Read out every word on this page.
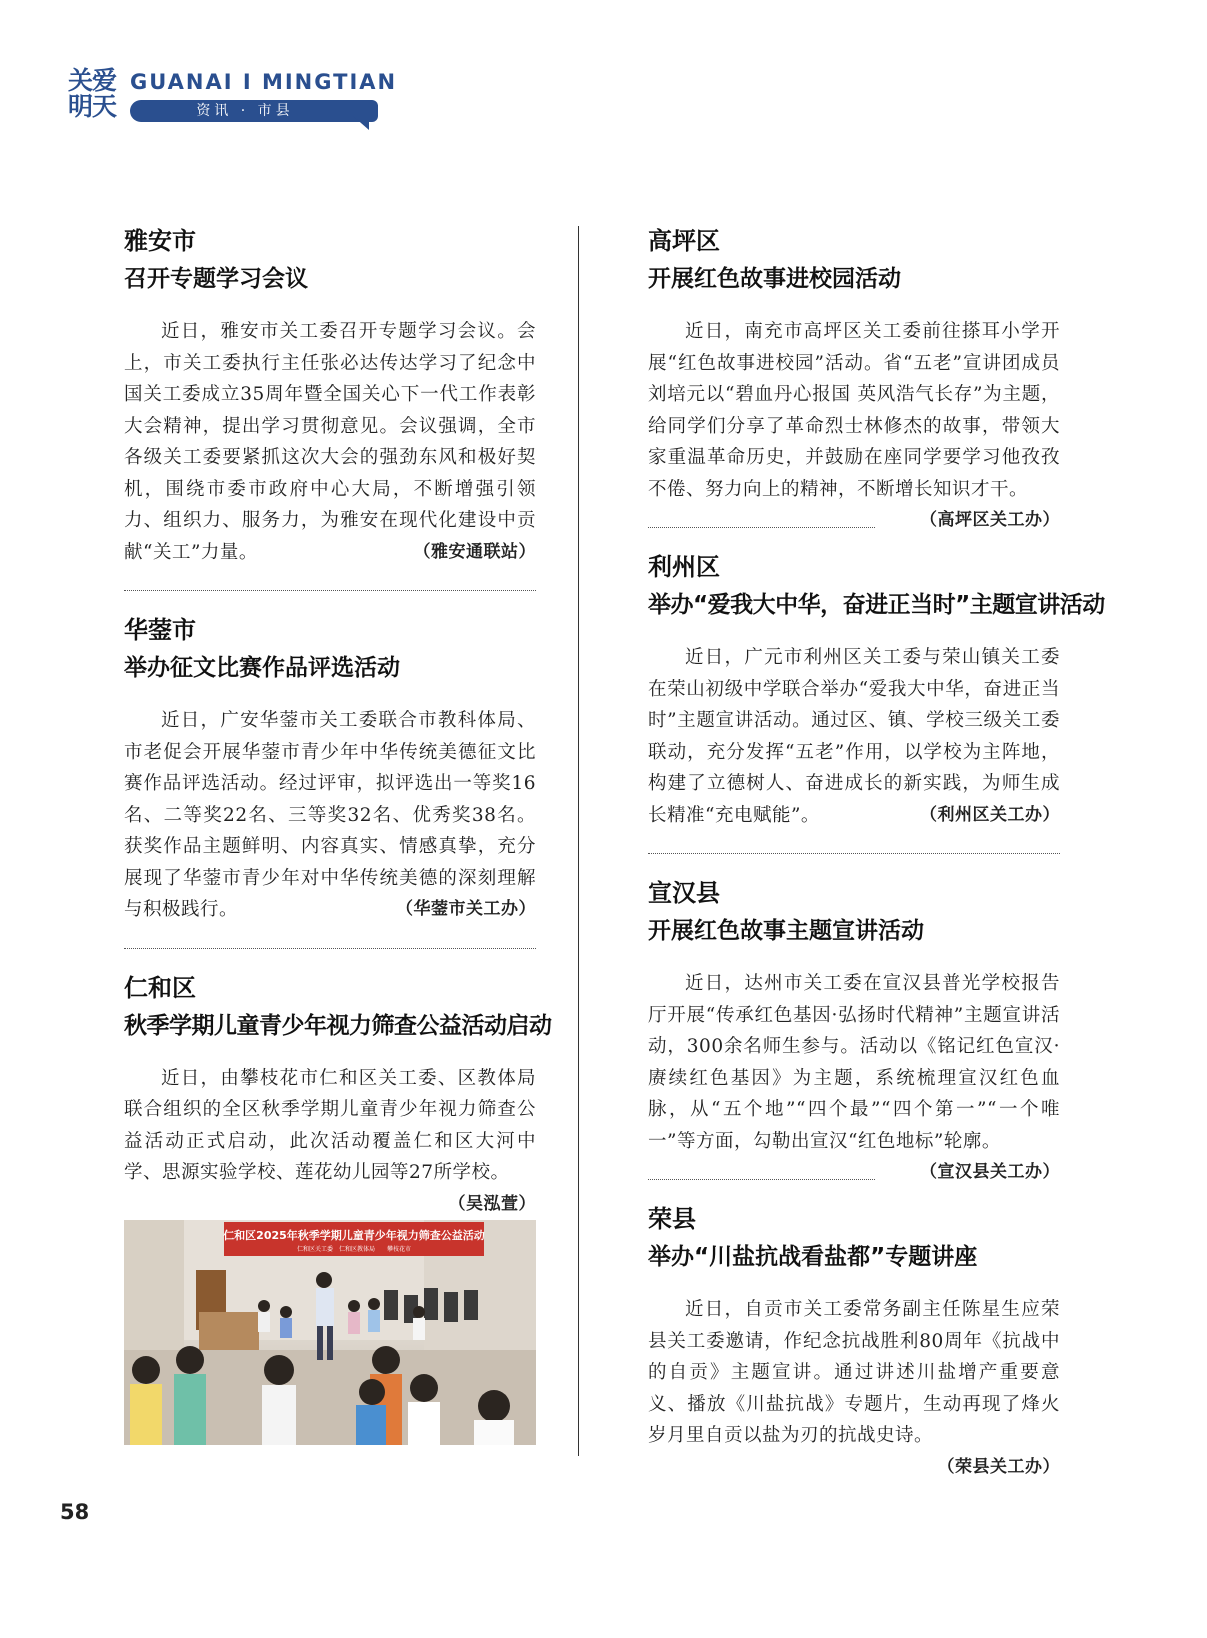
关爱明天
GUANAI I MINGTIAN
资讯 · 市县
雅安市
召开专题学习会议

近日，雅安市关工委召开专题学习会议。会上，市关工委执行主任张必达传达学习了纪念中国关工委成立35周年暨全国关心下一代工作表彰大会精神，提出学习贯彻意见。会议强调，全市各级关工委要紧抓这次大会的强劲东风和极好契机，围绕市委市政府中心大局，不断增强引领力、组织力、服务力，为雅安在现代化建设中贡献“关工”力量。	（雅安通联站）

华蓥市
举办征文比赛作品评选活动

近日，广安华蓥市关工委联合市教科体局、市老促会开展华蓥市青少年中华传统美德征文比赛作品评选活动。经过评审，拟评选出一等奖16名、二等奖22名、三等奖32名、优秀奖38名。获奖作品主题鲜明、内容真实、情感真挚，充分展现了华蓥市青少年对中华传统美德的深刻理解与积极践行。	（华蓥市关工办）

仁和区
秋季学期儿童青少年视力筛查公益活动启动

近日，由攀枝花市仁和区关工委、区教体局联合组织的全区秋季学期儿童青少年视力筛查公益活动正式启动，此次活动覆盖仁和区大河中学、思源实验学校、莲花幼儿园等27所学校。
（吴泓萱）

仁和区2025年秋季学期儿童青少年视力筛查公益活动
仁和区关工委　仁和区教体局　　攀枝花市
高坪区
开展红色故事进校园活动

近日，南充市高坪区关工委前往搽耳小学开展“红色故事进校园”活动。省“五老”宣讲团成员刘培元以“碧血丹心报国 英风浩气长存”为主题，给同学们分享了革命烈士林修杰的故事，带领大家重温革命历史，并鼓励在座同学要学习他孜孜不倦、努力向上的精神，不断增长知识才干。
（高坪区关工办）

利州区
举办“爱我大中华，奋进正当时”主题宣讲活动

近日，广元市利州区关工委与荣山镇关工委在荣山初级中学联合举办“爱我大中华，奋进正当时”主题宣讲活动。通过区、镇、学校三级关工委联动，充分发挥“五老”作用，以学校为主阵地，构建了立德树人、奋进成长的新实践，为师生成长精准“充电赋能”。	（利州区关工办）

宣汉县
开展红色故事主题宣讲活动

近日，达州市关工委在宣汉县普光学校报告厅开展“传承红色基因·弘扬时代精神”主题宣讲活动，300余名师生参与。活动以《铭记红色宣汉·赓续红色基因》为主题，系统梳理宣汉红色血脉，从“五个地”“四个最”“四个第一”“一个唯一”等方面，勾勒出宣汉“红色地标”轮廓。
（宣汉县关工办）

荣县
举办“川盐抗战看盐都”专题讲座

近日，自贡市关工委常务副主任陈星生应荣县关工委邀请，作纪念抗战胜利80周年《抗战中的自贡》主题宣讲。通过讲述川盐增产重要意义、播放《川盐抗战》专题片，生动再现了烽火岁月里自贡以盐为刃的抗战史诗。
（荣县关工办）

58
